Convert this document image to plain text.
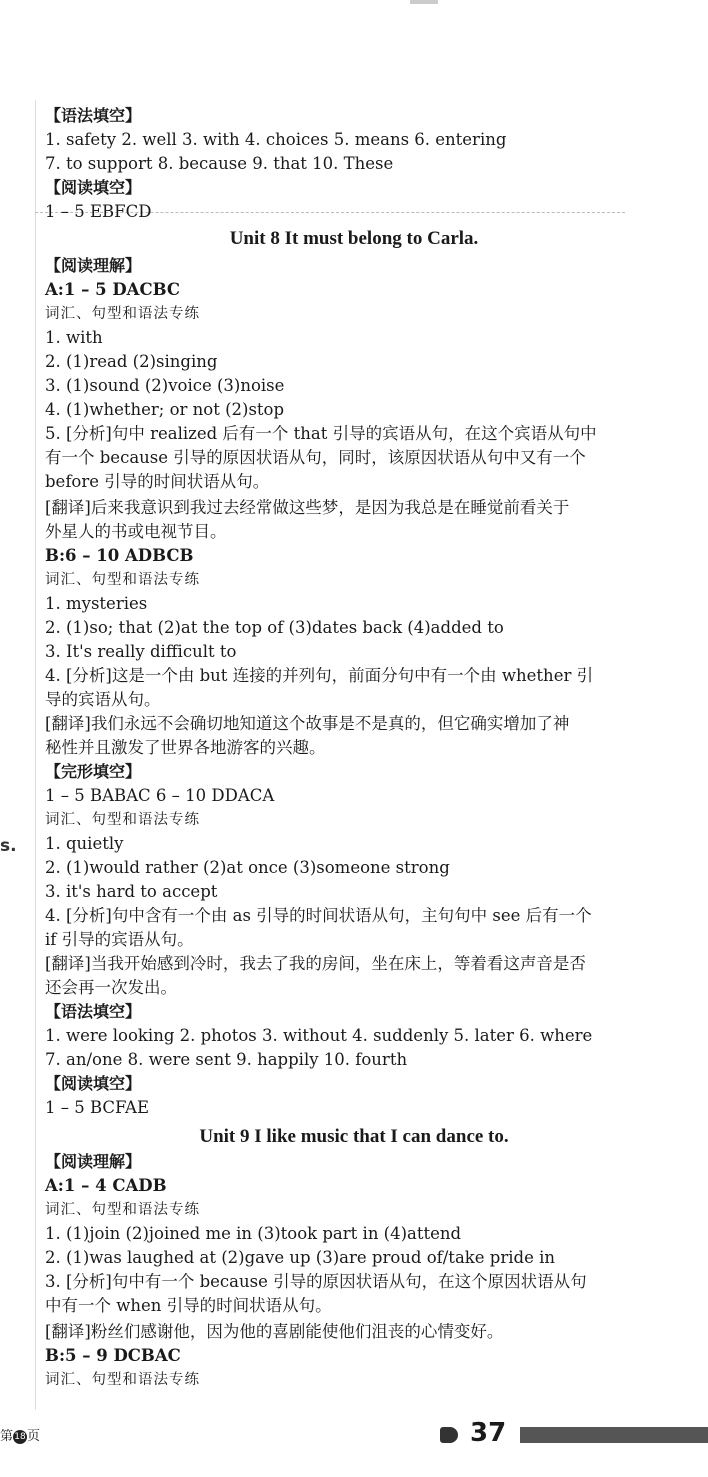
【语法填空】
1. safety 2. well 3. with 4. choices 5. means 6. entering
7. to support 8. because 9. that 10. These
【阅读填空】
1 – 5 EBFCD
Unit 8 It must belong to Carla.
【阅读理解】
A:1 – 5 DACBC
词汇、句型和语法专练
1. with
2. (1)read (2)singing
3. (1)sound (2)voice (3)noise
4. (1)whether; or not (2)stop
5. [分析]句中 realized 后有一个 that 引导的宾语从句，在这个宾语从句中
有一个 because 引导的原因状语从句，同时，该原因状语从句中又有一个
before 引导的时间状语从句。
[翻译]后来我意识到我过去经常做这些梦，是因为我总是在睡觉前看关于
外星人的书或电视节目。
B:6 – 10 ADBCB
词汇、句型和语法专练
1. mysteries
2. (1)so; that (2)at the top of (3)dates back (4)added to
3. It's really difficult to
4. [分析]这是一个由 but 连接的并列句，前面分句中有一个由 whether 引
导的宾语从句。
[翻译]我们永远不会确切地知道这个故事是不是真的，但它确实增加了神
秘性并且激发了世界各地游客的兴趣。
【完形填空】
1 – 5 BABAC 6 – 10 DDACA
词汇、句型和语法专练
1. quietly
2. (1)would rather (2)at once (3)someone strong
3. it's hard to accept
4. [分析]句中含有一个由 as 引导的时间状语从句，主句句中 see 后有一个
if 引导的宾语从句。
[翻译]当我开始感到冷时，我去了我的房间，坐在床上，等着看这声音是否
还会再一次发出。
【语法填空】
1. were looking 2. photos 3. without 4. suddenly 5. later 6. where
7. an/one 8. were sent 9. happily 10. fourth
【阅读填空】
1 – 5 BCFAE
Unit 9 I like music that I can dance to.
【阅读理解】
A:1 – 4 CADB
词汇、句型和语法专练
1. (1)join (2)joined me in (3)took part in (4)attend
2. (1)was laughed at (2)gave up (3)are proud of/take pride in
3. [分析]句中有一个 because 引导的原因状语从句，在这个原因状语从句
中有一个 when 引导的时间状语从句。
[翻译]粉丝们感谢他，因为他的喜剧能使他们沮丧的心情变好。
B:5 – 9 DCBAC
词汇、句型和语法专练
s.
第18页	37
